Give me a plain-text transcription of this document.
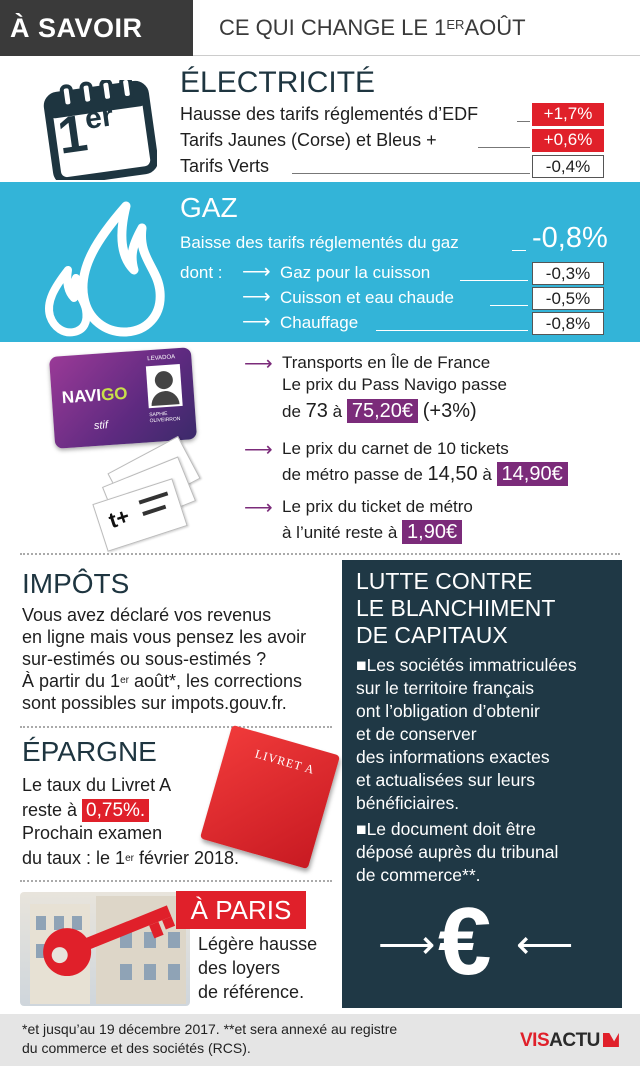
À SAVOIR	CE QUI CHANGE LE 1ER AOÛT
1er
ÉLECTRICITÉ
Hausse des tarifs réglementés d’EDF	+1,7%
Tarifs Jaunes (Corse) et Bleus +	+0,6%
Tarifs Verts	-0,4%
GAZ
Baisse des tarifs réglementés du gaz	-0,8%
dont : ⟶ Gaz pour la cuisson	-0,3%
⟶ Cuisson et eau chaude	-0,5%
⟶ Chauffage	-0,8%
NAVIGO
stif
LEVADOA
SAPHIE
OLIVEIRRON
t+
⟶ Transports en Île de France
Le prix du Pass Navigo passe
de 73 à 75,20€ (+3%)
⟶ Le prix du carnet de 10 tickets
de métro passe de 14,50 à 14,90€
⟶ Le prix du ticket de métro
à l’unité reste à 1,90€
IMPÔTS
Vous avez déclaré vos revenus
en ligne mais vous pensez les avoir
sur-estimés ou sous-estimés ?
À partir du 1er août*, les corrections
sont possibles sur impots.gouv.fr.
ÉPARGNE
Le taux du Livret A
reste à 0,75%.
Prochain examen
du taux : le 1er février 2018.
LIVRET A
À PARIS
Légère hausse
des loyers
de référence.
LUTTE CONTRE
LE BLANCHIMENT
DE CAPITAUX
■Les sociétés immatriculées
sur le territoire français
ont l’obligation d’obtenir
et de conserver
des informations exactes
et actualisées sur leurs
bénéficiaires.
■Le document doit être
déposé auprès du tribunal
de commerce**.
⟶ € ⟵
*et jusqu’au 19 décembre 2017. **et sera annexé au registre
du commerce et des sociétés (RCS).	VISACTU
